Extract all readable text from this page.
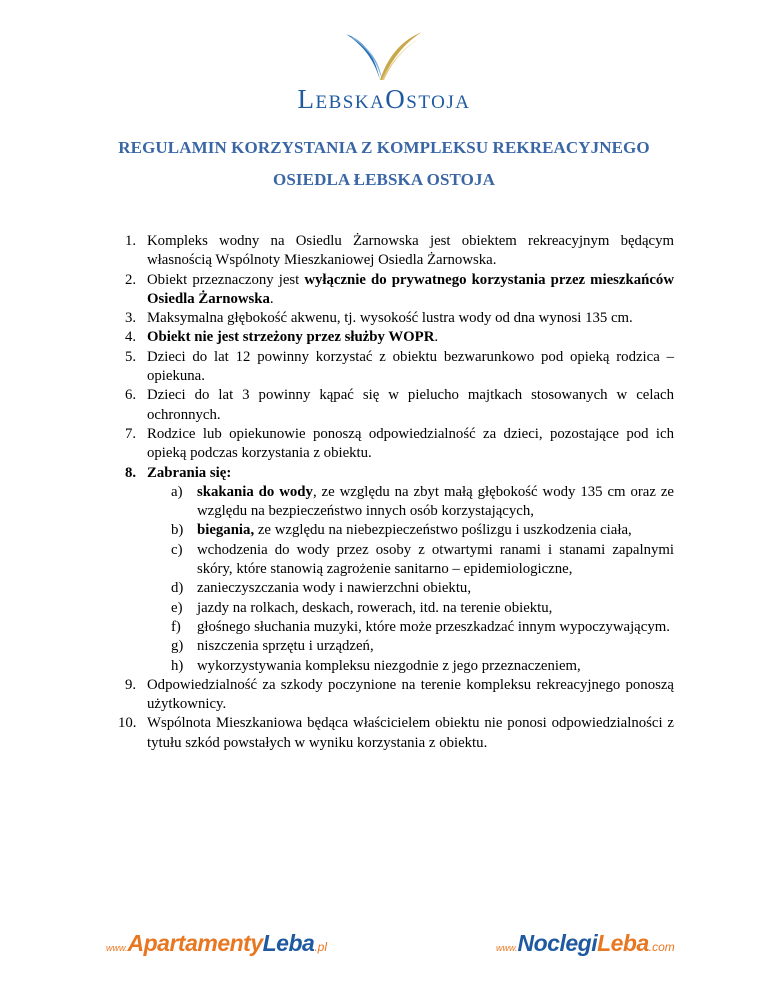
LebskaOstoja
REGULAMIN KORZYSTANIA Z KOMPLEKSU REKREACYJNEGO
OSIEDLA ŁEBSKA OSTOJA
1. Kompleks wodny na Osiedlu Żarnowska jest obiektem rekreacyjnym będącym własnością Wspólnoty Mieszkaniowej Osiedla Żarnowska.
2. Obiekt przeznaczony jest wyłącznie do prywatnego korzystania przez mieszkańców Osiedla Żarnowska.
3. Maksymalna głębokość akwenu, tj. wysokość lustra wody od dna wynosi 135 cm.
4. Obiekt nie jest strzeżony przez służby WOPR.
5. Dzieci do lat 12 powinny korzystać z obiektu bezwarunkowo pod opieką rodzica – opiekuna.
6. Dzieci do lat 3 powinny kąpać się w pielucho majtkach stosowanych w celach ochronnych.
7. Rodzice lub opiekunowie ponoszą odpowiedzialność za dzieci, pozostające pod ich opieką podczas korzystania z obiektu.
8. Zabrania się:
a) skakania do wody, ze względu na zbyt małą głębokość wody 135 cm oraz ze względu na bezpieczeństwo innych osób korzystających,
b) biegania, ze względu na niebezpieczeństwo poślizgu i uszkodzenia ciała,
c) wchodzenia do wody przez osoby z otwartymi ranami i stanami zapalnymi skóry, które stanowią zagrożenie sanitarno – epidemiologiczne,
d) zanieczyszczania wody i nawierzchni obiektu,
e) jazdy na rolkach, deskach, rowerach, itd. na terenie obiektu,
f) głośnego słuchania muzyki, które może przeszkadzać innym wypoczywającym.
g) niszczenia sprzętu i urządzeń,
h) wykorzystywania kompleksu niezgodnie z jego przeznaczeniem,
9. Odpowiedzialność za szkody poczynione na terenie kompleksu rekreacyjnego ponoszą użytkownicy.
10. Wspólnota Mieszkaniowa będąca właścicielem obiektu nie ponosi odpowiedzialności z tytułu szkód powstałych w wyniku korzystania z obiektu.
www.ApartamentyLeba.pl	www.NoclegiLeba.com
